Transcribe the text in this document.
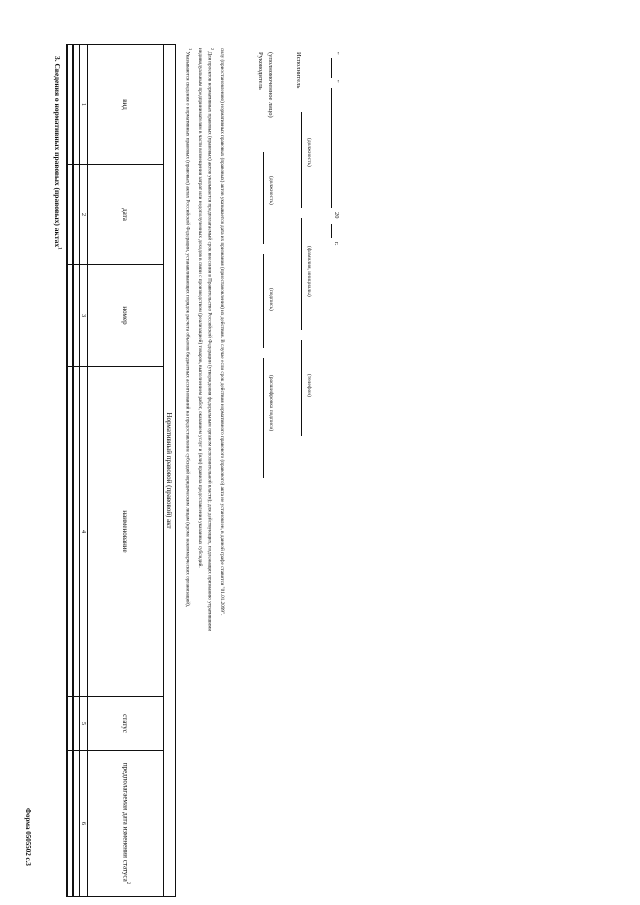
Форма 0505502 с.3
3. Сведения о нормативных правовых (правовых) актах$^1$
Нормативный правовой (правовой) акт					
вид	дата	номер	наименование	статус	предполагаемая дата изменения статуса$^2$
1	2	3	4	5	6

$^1$ Указываются сведения о нормативных правовых (правовых) актах Российской Федерации, устанавливающих порядок расчета объемов бюджетных ассигнований на предоставление субсидий юридическим лицам (кроме некоммерческих организаций),	индивидуальным предпринимателям в части возмещения затрат или недополученных доходов в связи с производством (реализацией) товаров, выполнением работ, оказанием услуг и (или) правила предоставления указанных субсидий.	$^2$ Для проектов нормативных правовых (правовых) актов указывается предполагаемый срок внесения в Правительство Российской Федерации (утверждения федеральным органом исполнительной власти); для действующих, подлежащих признанию утратившими	силу (приостановлению) нормативных правовых (правовых) актов указывается дата их признания (приостановления) их действия. В случае если срок действия нормативного правового (правового) акта не установлен, в данной графе ставится "01.01.2099".	Руководитель (уполномоченное лицо)
(должность)
(подпись)
(расшифровка подписи)
Исполнитель
(должность)
(фамилия, инициалы)
(телефон)
"
"
20
г.
